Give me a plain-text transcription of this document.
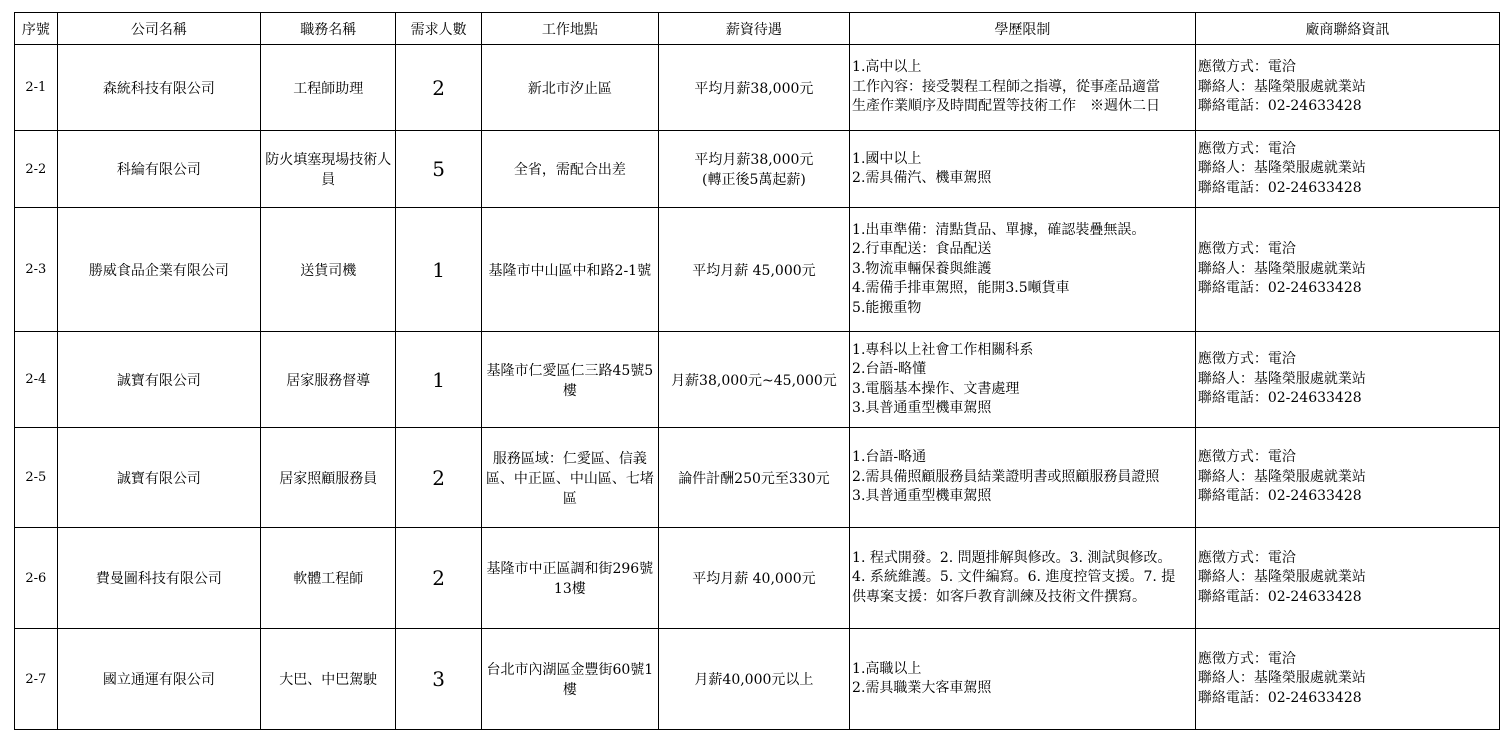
序號	公司名稱	職務名稱	需求人數	工作地點	薪資待遇	學歷限制	廠商聯絡資訊
2-1	森統科技有限公司	工程師助理	2	新北市汐止區	平均月薪38,000元	1.高中以上
工作內容：接受製程工程師之指導，從事產品適當
生產作業順序及時間配置等技術工作　※週休二日	應徵方式：電洽
聯絡人：基隆榮服處就業站
聯絡電話：02-24633428

2-2	科綸有限公司	防火填塞現場技術人員	5	全省，需配合出差	平均月薪38,000元
(轉正後5萬起薪)	1.國中以上
2.需具備汽、機車駕照	應徵方式：電洽
聯絡人：基隆榮服處就業站
聯絡電話：02-24633428

2-3	勝威食品企業有限公司	送貨司機	1	基隆市中山區中和路2-1號	平均月薪 45,000元	1.出車準備：清點貨品、單據，確認裝疊無誤。
2.行車配送：食品配送
3.物流車輛保養與維護
4.需備手排車駕照，能開3.5噸貨車
5.能搬重物	應徵方式：電洽
聯絡人：基隆榮服處就業站
聯絡電話：02-24633428

2-4	誠寶有限公司	居家服務督導	1	基隆市仁愛區仁三路45號5樓	月薪38,000元~45,000元	1.專科以上社會工作相關科系
2.台語-略懂
3.電腦基本操作、文書處理
3.具普通重型機車駕照	應徵方式：電洽
聯絡人：基隆榮服處就業站
聯絡電話：02-24633428

2-5	誠寶有限公司	居家照顧服務員	2	服務區域：仁愛區、信義區、中正區、中山區、七堵區	論件計酬250元至330元	1.台語-略通
2.需具備照顧服務員結業證明書或照顧服務員證照
3.具普通重型機車駕照	應徵方式：電洽
聯絡人：基隆榮服處就業站
聯絡電話：02-24633428

2-6	費曼圖科技有限公司	軟體工程師	2	基隆市中正區調和街296號13樓	平均月薪 40,000元	1. 程式開發。2. 問題排解與修改。3. 測試與修改。
4. 系統維護。5. 文件編寫。6. 進度控管支援。7. 提
供專案支援：如客戶教育訓練及技術文件撰寫。	應徵方式：電洽
聯絡人：基隆榮服處就業站
聯絡電話：02-24633428

2-7	國立通運有限公司	大巴、中巴駕駛	3	台北市內湖區金豐街60號1樓	月薪40,000元以上	1.高職以上
2.需具職業大客車駕照	應徵方式：電洽
聯絡人：基隆榮服處就業站
聯絡電話：02-24633428
